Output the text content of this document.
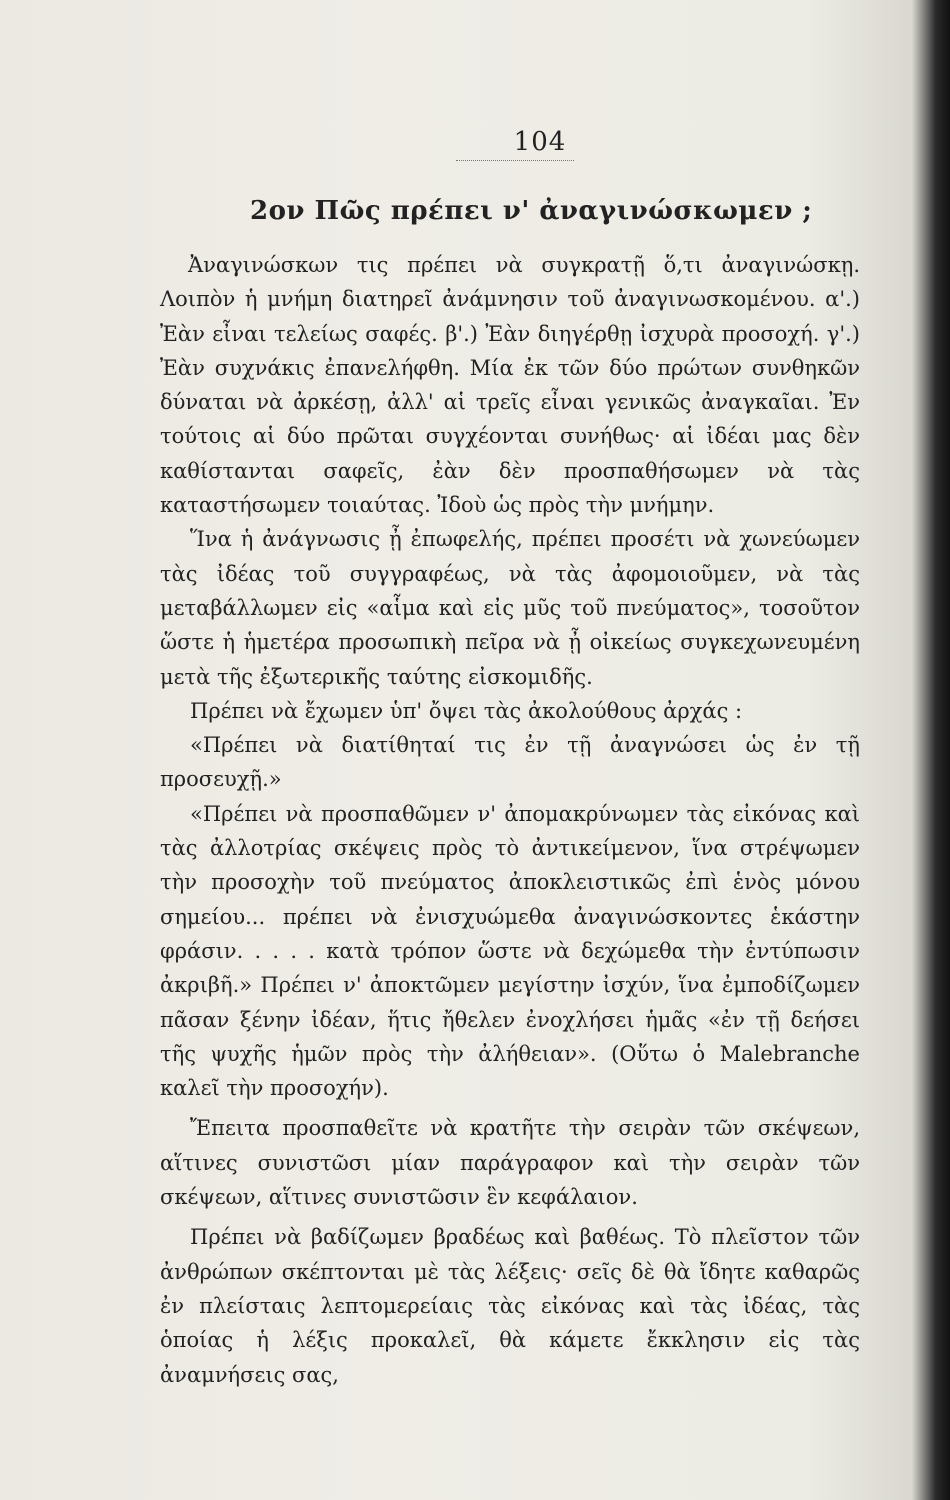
104
2ον Πῶς πρέπει ν' ἀναγινώσκωμεν ;

Ἀναγινώσκων τις πρέπει νὰ συγκρατῇ ὅ,τι ἀναγινώσκῃ. Λοιπὸν ἡ μνήμη διατηρεῖ ἀνάμνησιν τοῦ ἀναγινωσκομένου. α'.) Ἐὰν εἶναι τελείως σαφές. β'.) Ἐὰν διηγέρθῃ ἰσχυρὰ προσοχή. γ'.) Ἐὰν συχνάκις ἐπανελήφθη. Μία ἐκ τῶν δύο πρώτων συνθηκῶν δύναται νὰ ἀρκέσῃ, ἀλλ' αἱ τρεῖς εἶναι γενικῶς ἀναγκαῖαι. Ἐν τούτοις αἱ δύο πρῶται συγχέονται συνήθως· αἱ ἰδέαι μας δὲν καθίστανται σαφεῖς, ἐὰν δὲν προσπαθήσωμεν νὰ τὰς καταστήσωμεν τοιαύτας. Ἰδοὺ ὡς πρὸς τὴν μνήμην.

Ἵνα ἡ ἀνάγνωσις ᾖ ἐπωφελής, πρέπει προσέτι νὰ χωνεύωμεν τὰς ἰδέας τοῦ συγγραφέως, νὰ τὰς ἀφομοιοῦμεν, νὰ τὰς μεταβάλλωμεν εἰς «αἷμα καὶ εἰς μῦς τοῦ πνεύματος», τοσοῦτον ὥστε ἡ ἡμετέρα προσωπικὴ πεῖρα νὰ ᾖ οἰκείως συγκεχωνευμένη μετὰ τῆς ἐξωτερικῆς ταύτης εἰσκομιδῆς.

Πρέπει νὰ ἔχωμεν ὑπ' ὄψει τὰς ἀκολούθους ἀρχάς :

«Πρέπει νὰ διατίθηταί τις ἐν τῇ ἀναγνώσει ὡς ἐν τῇ προσευχῇ.»

«Πρέπει νὰ προσπαθῶμεν ν' ἀπομακρύνωμεν τὰς εἰκόνας καὶ τὰς ἀλλοτρίας σκέψεις πρὸς τὸ ἀντικείμενον, ἵνα στρέψωμεν τὴν προσοχὴν τοῦ πνεύματος ἀποκλειστικῶς ἐπὶ ἑνὸς μόνου σημείου... πρέπει νὰ ἐνισχυώμεθα ἀναγινώσκοντες ἑκάστην φράσιν. . . . . κατὰ τρόπον ὥστε νὰ δεχώμεθα τὴν ἐντύπωσιν ἀκριβῆ.» Πρέπει ν' ἀποκτῶμεν μεγίστην ἰσχύν, ἵνα ἐμποδίζωμεν πᾶσαν ξένην ἰδέαν, ἥτις ἤθελεν ἐνοχλήσει ἡμᾶς «ἐν τῇ δεήσει τῆς ψυχῆς ἡμῶν πρὸς τὴν ἀλήθειαν». (Οὕτω ὁ Malebranche καλεῖ τὴν προσοχήν).

Ἔπειτα προσπαθεῖτε νὰ κρατῆτε τὴν σειρὰν τῶν σκέψεων, αἵτινες συνιστῶσι μίαν παράγραφον καὶ τὴν σειρὰν τῶν σκέψεων, αἵτινες συνιστῶσιν ἓν κεφάλαιον.

Πρέπει νὰ βαδίζωμεν βραδέως καὶ βαθέως. Τὸ πλεῖστον τῶν ἀνθρώπων σκέπτονται μὲ τὰς λέξεις· σεῖς δὲ θὰ ἴδητε καθαρῶς ἐν πλείσταις λεπτομερείαις τὰς εἰκόνας καὶ τὰς ἰδέας, τὰς ὁποίας ἡ λέξις προκαλεῖ, θὰ κάμετε ἔκκλησιν εἰς τὰς ἀναμνήσεις σας,
